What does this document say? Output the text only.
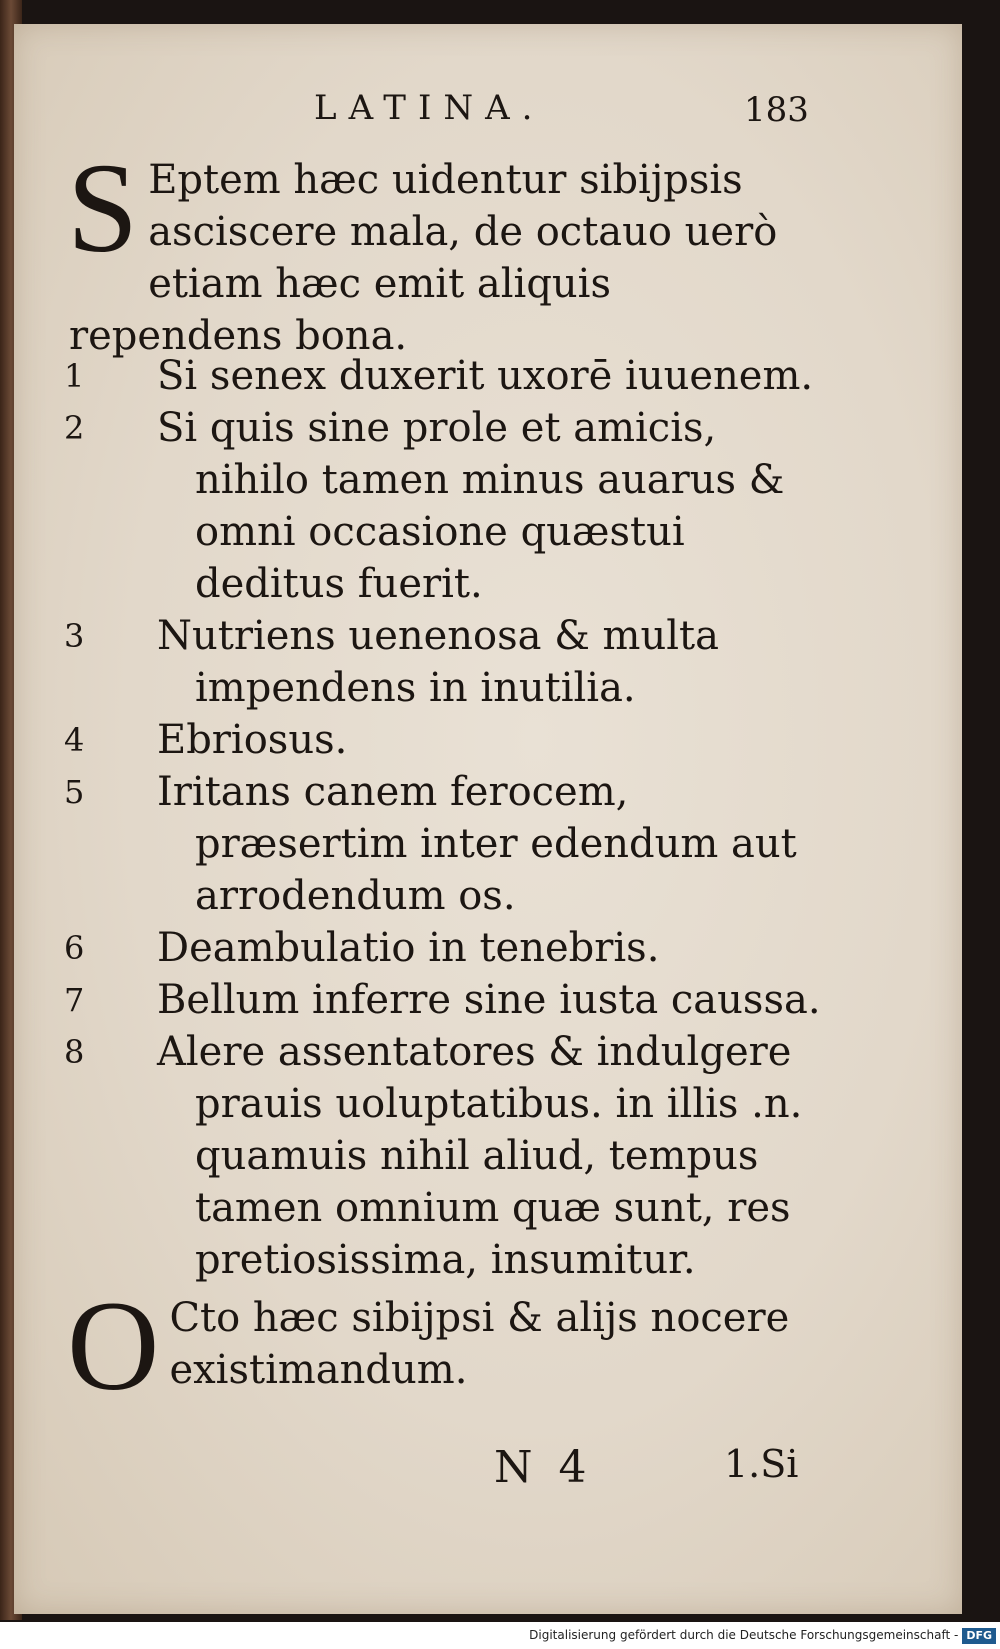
LATINA.	183
S Eptem hæc uidentur sibijpsis asciscere mala, de octauo uerò etiam hæc emit aliquis rependens bona.
1	Si senex duxerit uxorē iuuenem.
2	Si quis sine prole et amicis, nihilo tamen minus auarus & omni occasione quæstui deditus fuerit.
3	Nutriens uenenosa & multa impendens in inutilia.
4	Ebriosus.
5	Iritans canem ferocem, præsertim inter edendum aut arrodendum os.
6	Deambulatio in tenebris.
7	Bellum inferre sine iusta caussa.
8	Alere assentatores & indulgere prauis uoluptatibus. in illis .n. quamuis nihil aliud, tempus tamen omnium quæ sunt, res pretiosissima, insumitur.
O Cto hæc sibijpsi & alijs nocere existimandum.
N 4	1.Si
Digitalisierung gefördert durch die Deutsche Forschungsgemeinschaft - DFG
